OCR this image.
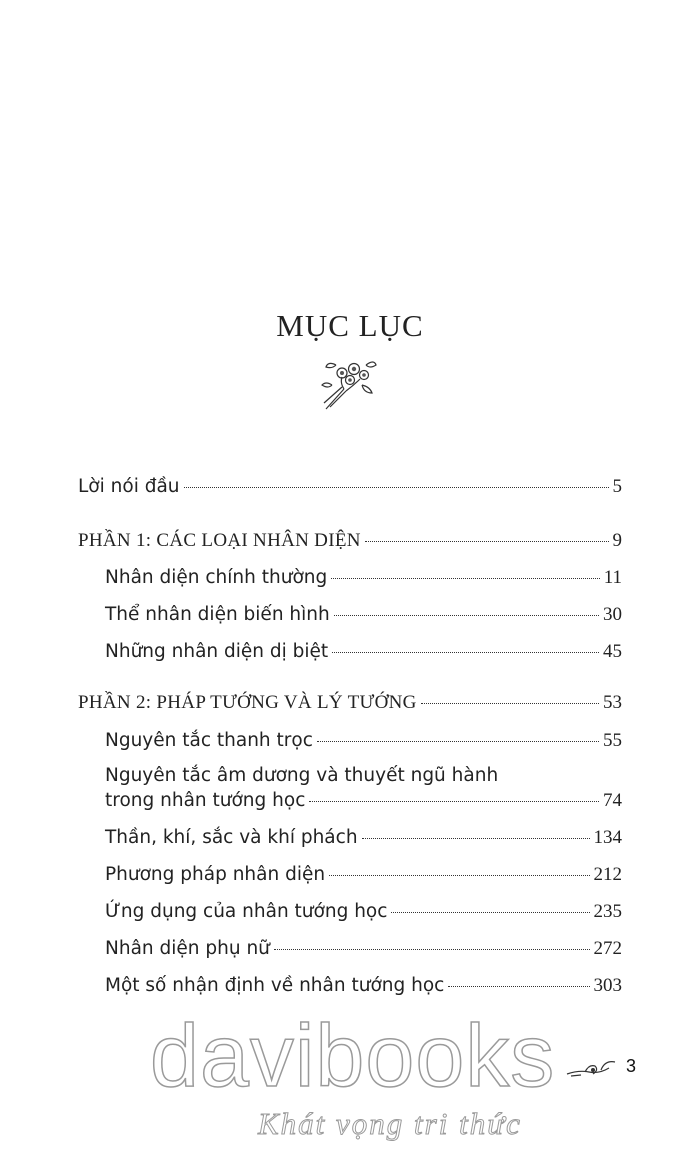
MỤC LỤC
Lời nói đầu	5
PHẦN 1: CÁC LOẠI NHÂN DIỆN	9
Nhân diện chính thường	11
Thể nhân diện biến hình	30
Những nhân diện dị biệt	45
PHẦN 2: PHÁP TƯỚNG VÀ LÝ TƯỚNG	53
Nguyên tắc thanh trọc	55
Nguyên tắc âm dương và thuyết ngũ hành
trong nhân tướng học	74
Thần, khí, sắc và khí phách	134
Phương pháp nhân diện	212
Ứng dụng của nhân tướng học	235
Nhân diện phụ nữ	272
Một số nhận định về nhân tướng học	303
davibooks
Khát vọng tri thức
3
